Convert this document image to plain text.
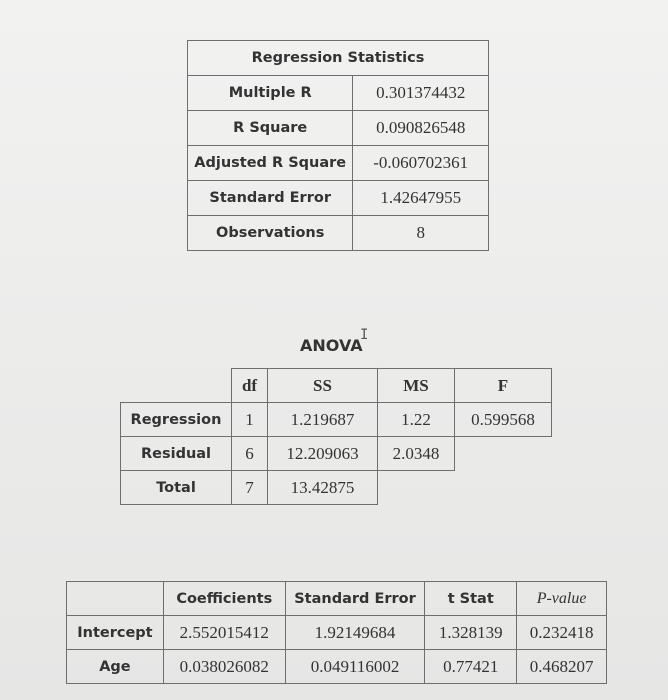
Regression Statistics	
Multiple R	0.301374432
R Square	0.090826548
Adjusted R Square	-0.060702361
Standard Error	1.42647955
Observations	8
ANOVA
Ι
	df	SS	MS	F
Regression	1	1.219687	1.22	0.599568
Residual	6	12.209063	2.0348	
Total	7	13.42875		
	Coefficients	Standard Error	t Stat	P-value
Intercept	2.552015412	1.92149684	1.328139	0.232418
Age	0.038026082	0.049116002	0.77421	0.468207
